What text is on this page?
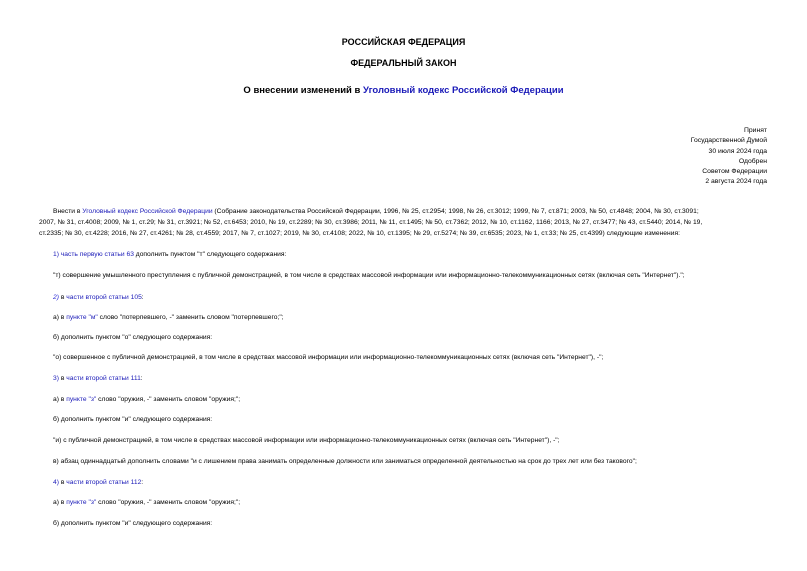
РОССИЙСКАЯ ФЕДЕРАЦИЯ
ФЕДЕРАЛЬНЫЙ ЗАКОН
О внесении изменений в Уголовный кодекс Российской Федерации
Принят
Государственной Думой
30 июля 2024 года
Одобрен
Советом Федерации
2 августа 2024 года
Внести в Уголовный кодекс Российской Федерации (Собрание законодательства Российской Федерации, 1996, № 25, ст.2954; 1998, № 26, ст.3012; 1999, № 7, ст.871; 2003, № 50, ст.4848; 2004, № 30, ст.3091;
2007, № 31, ст.4008; 2009, № 1, ст.29; № 31, ст.3921; № 52, ст.6453; 2010, № 19, ст.2289; № 30, ст.3986; 2011, № 11, ст.1495; № 50, ст.7362; 2012, № 10, ст.1162, 1166; 2013, № 27, ст.3477; № 43, ст.5440; 2014, № 19,
ст.2335; № 30, ст.4228; 2016, № 27, ст.4261; № 28, ст.4559; 2017, № 7, ст.1027; 2019, № 30, ст.4108; 2022, № 10, ст.1395; № 29, ст.5274; № 39, ст.6535; 2023, № 1, ст.33; № 25, ст.4399) следующие изменения:
1) часть первую статьи 63 дополнить пунктом "т" следующего содержания:
"т) совершение умышленного преступления с публичной демонстрацией, в том числе в средствах массовой информации или информационно-телекоммуникационных сетях (включая сеть "Интернет").";
2) в части второй статьи 105:
а) в пункте "м" слово "потерпевшего, -" заменить словом "потерпевшего;";
б) дополнить пунктом "о" следующего содержания:
"о) совершенное с публичной демонстрацией, в том числе в средствах массовой информации или информационно-телекоммуникационных сетях (включая сеть "Интернет"), -";
3) в части второй статьи 111:
а) в пункте "з" слово "оружия, -" заменить словом "оружия;";
б) дополнить пунктом "и" следующего содержания:
"и) с публичной демонстрацией, в том числе в средствах массовой информации или информационно-телекоммуникационных сетях (включая сеть "Интернет"), -";
в) абзац одиннадцатый дополнить словами "и с лишением права занимать определенные должности или заниматься определенной деятельностью на срок до трех лет или без такового";
4) в части второй статьи 112:
а) в пункте "з" слово "оружия, -" заменить словом "оружия;";
б) дополнить пунктом "и" следующего содержания:
